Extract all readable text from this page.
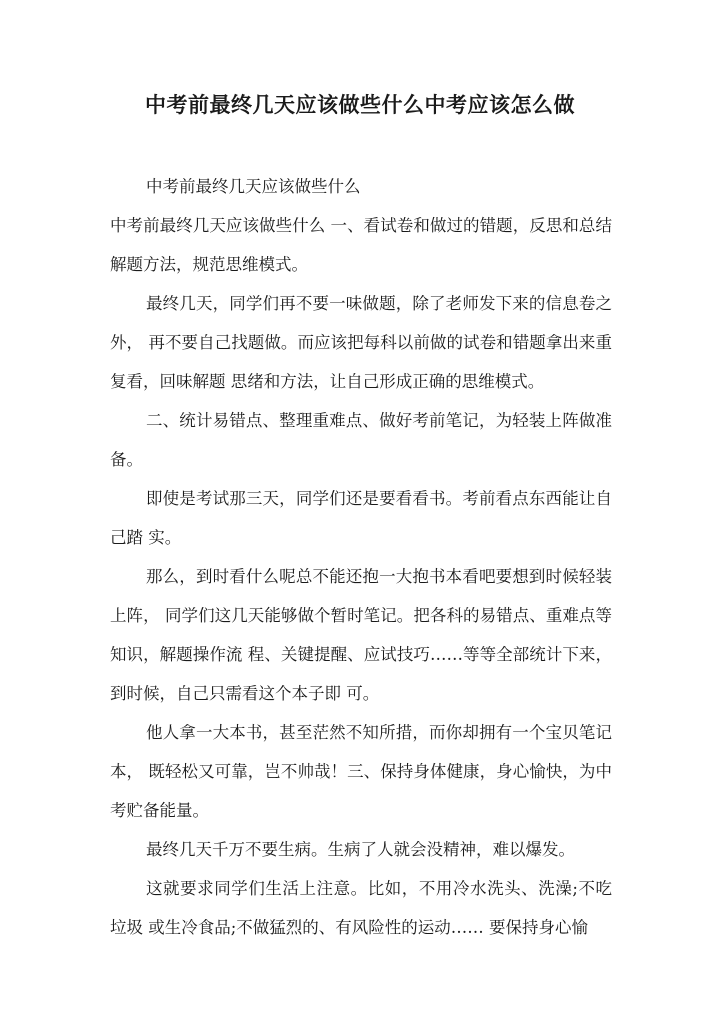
中考前最终几天应该做些什么中考应该怎么做

中考前最终几天应该做些什么

中考前最终几天应该做些什么 一、看试卷和做过的错题，反思和总结解题方法，规范思维模式。

最终几天，同学们再不要一味做题，除了老师发下来的信息卷之外， 再不要自己找题做。而应该把每科以前做的试卷和错题拿出来重复看，回味解题 思绪和方法，让自己形成正确的思维模式。

二、统计易错点、整理重难点、做好考前笔记，为轻装上阵做准备。

即使是考试那三天，同学们还是要看看书。考前看点东西能让自己踏 实。

那么，到时看什么呢总不能还抱一大抱书本看吧要想到时候轻装上阵， 同学们这几天能够做个暂时笔记。把各科的易错点、重难点等知识，解题操作流 程、关键提醒、应试技巧……等等全部统计下来，到时候，自己只需看这个本子即 可。

他人拿一大本书，甚至茫然不知所措，而你却拥有一个宝贝笔记本， 既轻松又可靠，岂不帅哉！三、保持身体健康，身心愉快，为中考贮备能量。

最终几天千万不要生病。生病了人就会没精神，难以爆发。

这就要求同学们生活上注意。比如，不用冷水洗头、洗澡;不吃垃圾 或生冷食品;不做猛烈的、有风险性的运动…… 要保持身心愉
